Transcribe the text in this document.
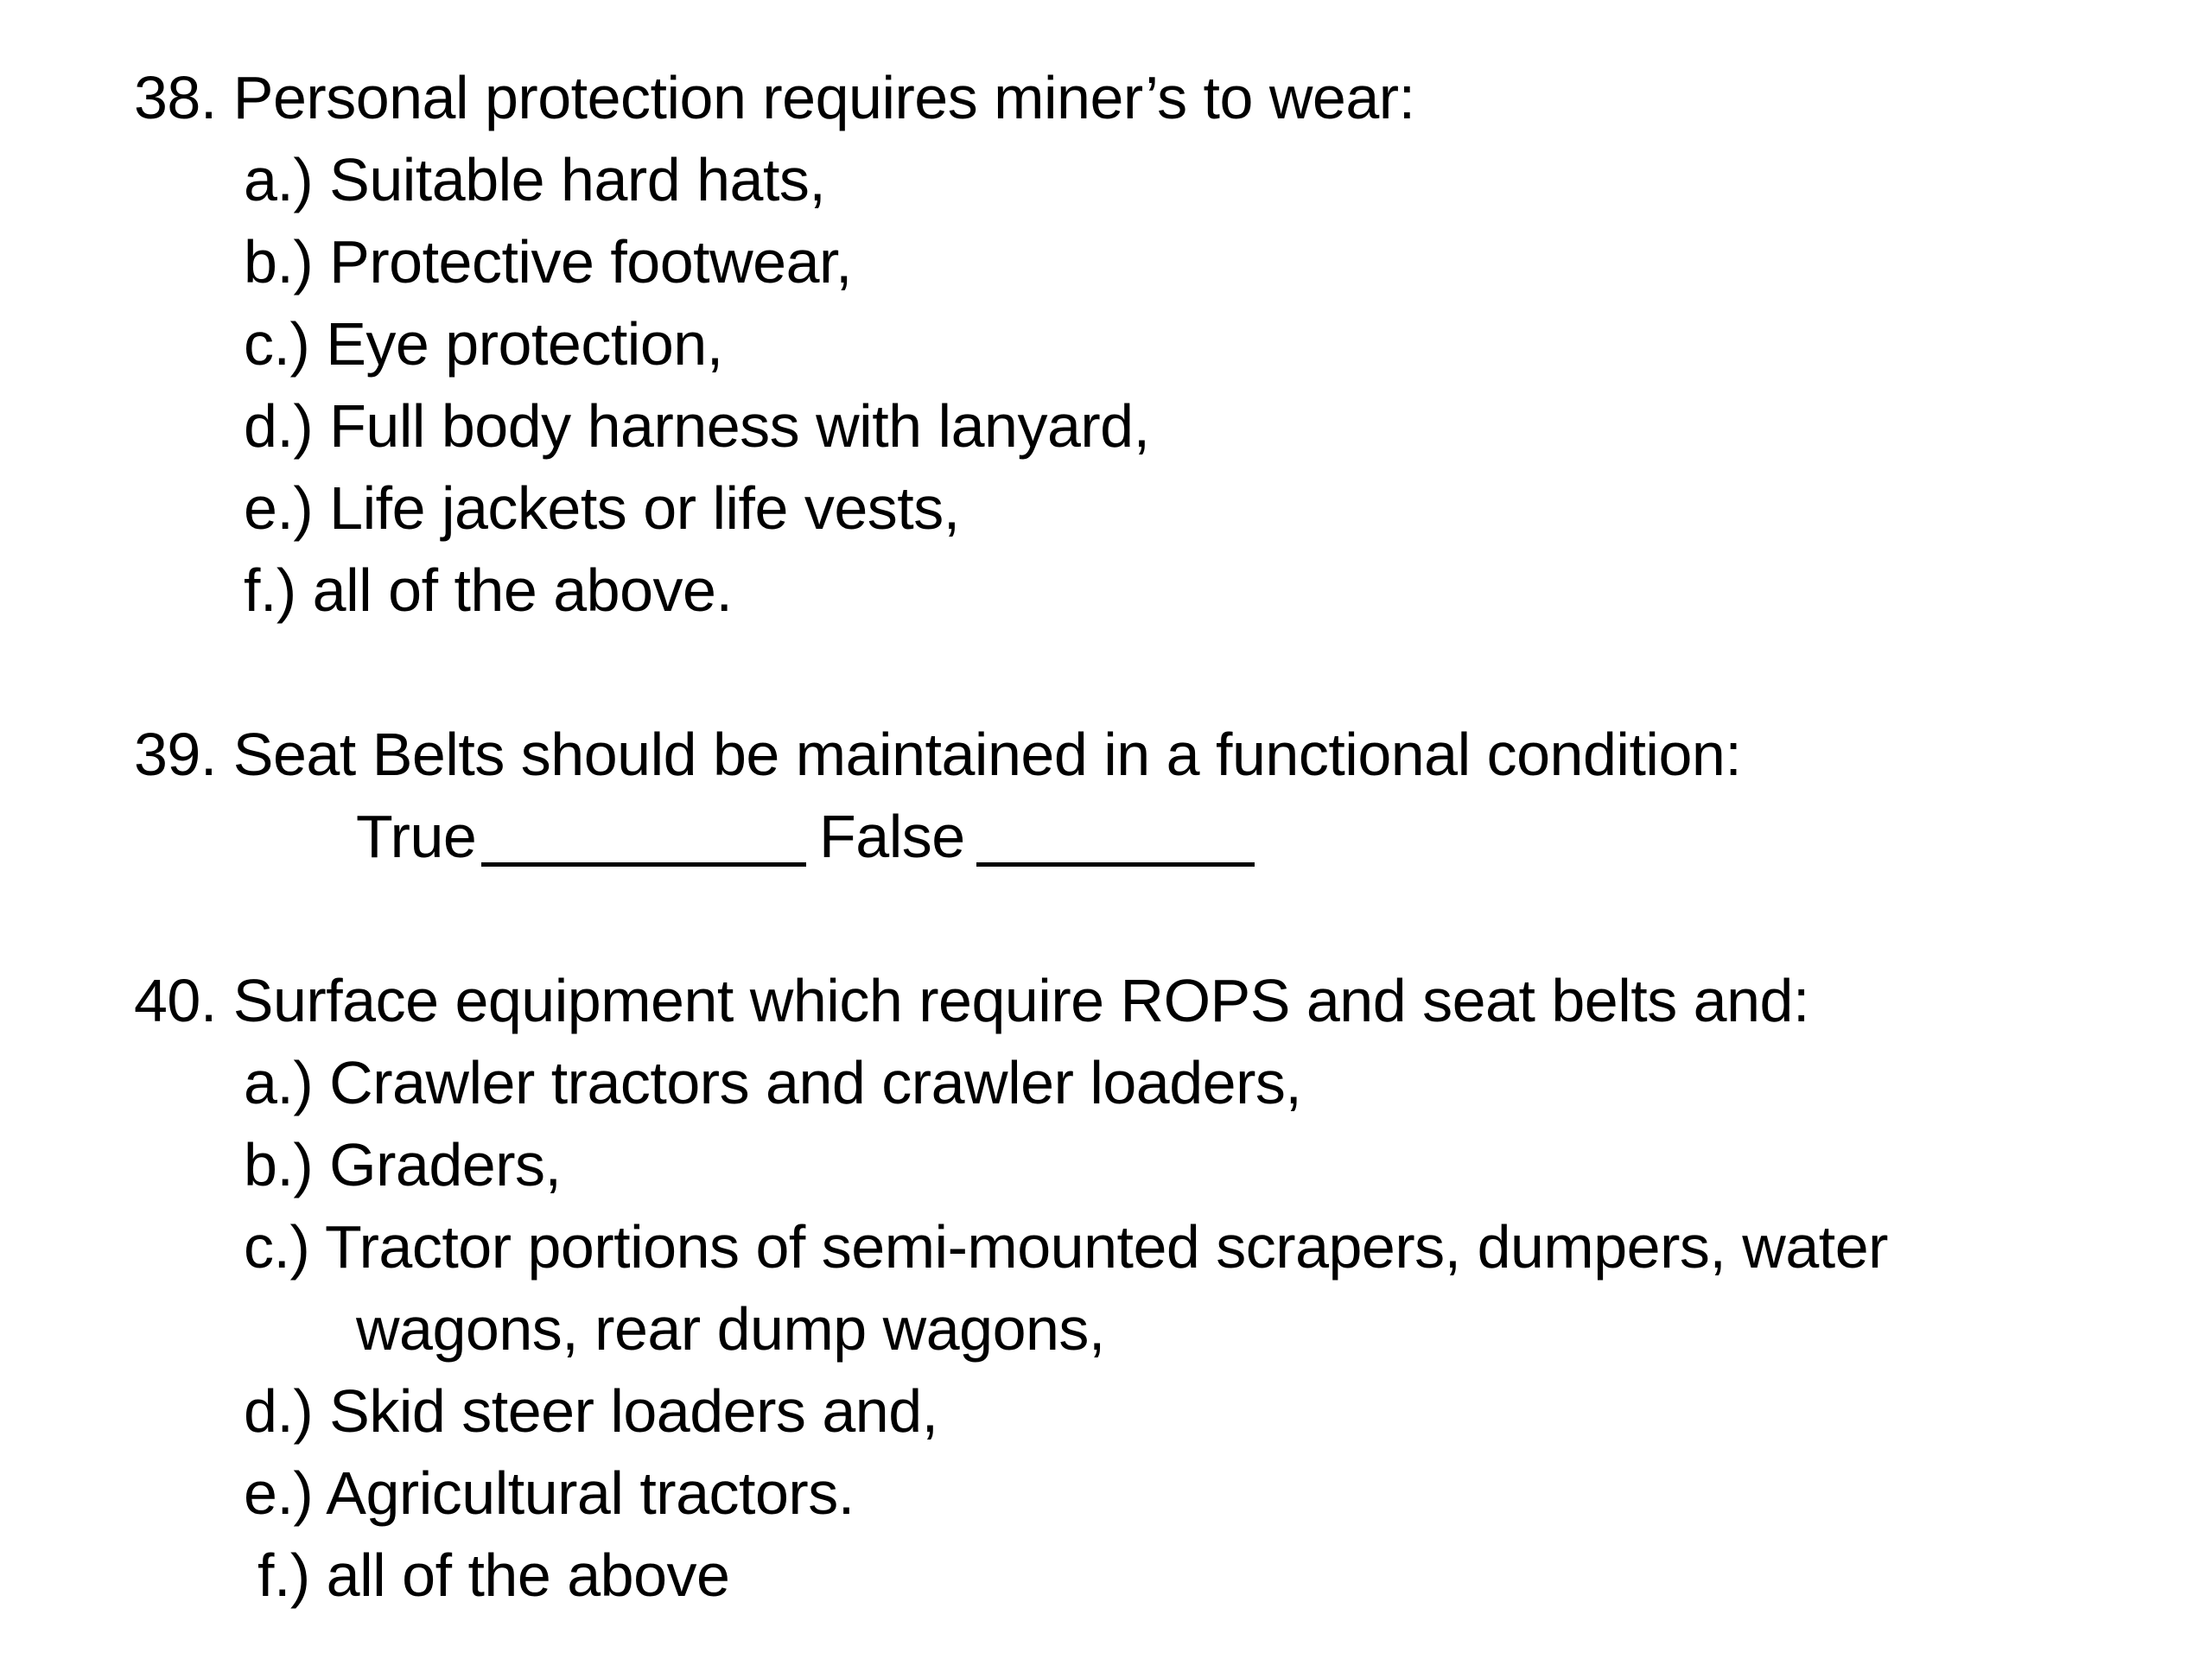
38. Personal protection requires miner’s to wear:
a.) Suitable hard hats,
b.) Protective footwear,
c.) Eye protection,
d.) Full body harness with lanyard,
e.) Life jackets or life vests,
f.) all of the above.
39. Seat Belts should be maintained in a functional condition:
True	False
40. Surface equipment which require ROPS and seat belts and:
a.) Crawler tractors and crawler loaders,
b.) Graders,
c.) Tractor portions of semi-mounted scrapers, dumpers, water
wagons, rear dump wagons,
d.) Skid steer loaders and,
e.) Agricultural tractors.
f.) all of the above
